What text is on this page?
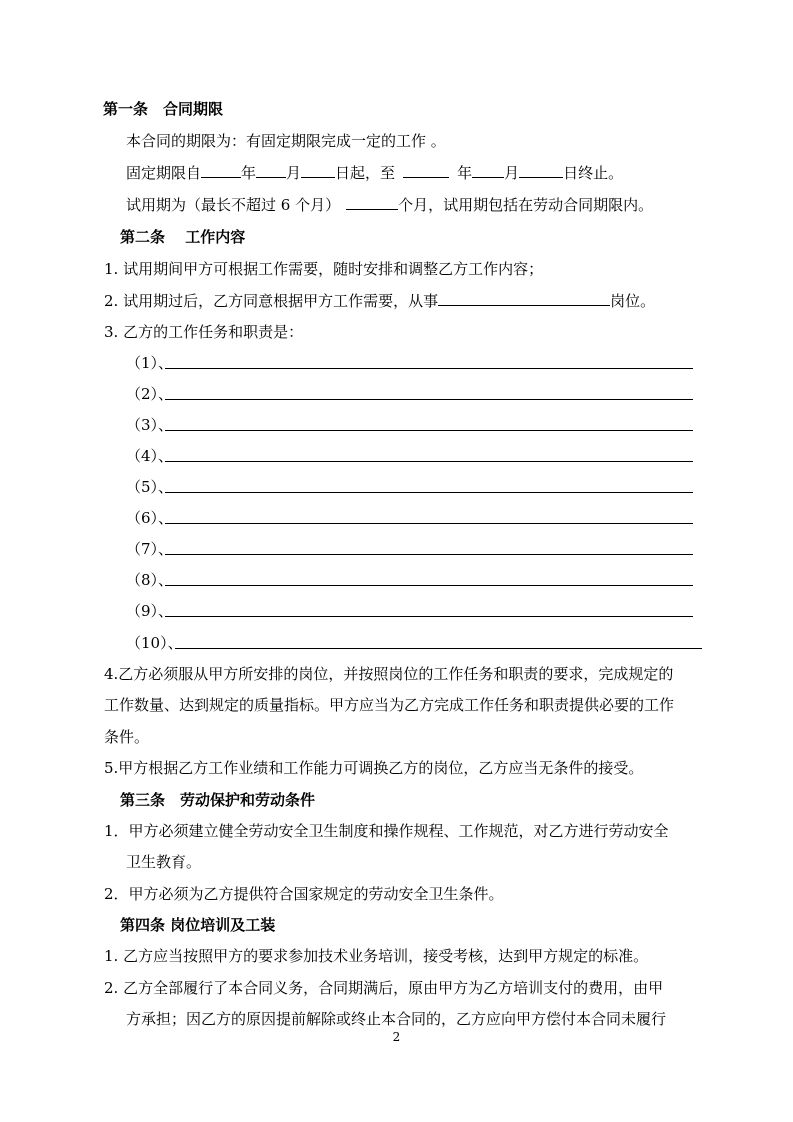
第一条　合同期限
本合同的期限为：有固定期限完成一定的工作 。
固定期限自	年 月 日起，至	年 月	日终止。
试用期为（最长不超过 6 个月）	个月，试用期包括在劳动合同期限内。
第二条　 工作内容
1. 试用期间甲方可根据工作需要，随时安排和调整乙方工作内容；
2. 试用期过后，乙方同意根据甲方工作需要，从事	岗位。
3. 乙方的工作任务和职责是：
（1）、
（2）、
（3）、
（4）、
（5）、
（6）、
（7）、
（8）、
（9）、
（10）、
4.乙方必须服从甲方所安排的岗位，并按照岗位的工作任务和职责的要求，完成规定的
工作数量、达到规定的质量指标。甲方应当为乙方完成工作任务和职责提供必要的工作
条件。
5.甲方根据乙方工作业绩和工作能力可调换乙方的岗位，乙方应当无条件的接受。
第三条　劳动保护和劳动条件
1．甲方必须建立健全劳动安全卫生制度和操作规程、工作规范，对乙方进行劳动安全
卫生教育。
2．甲方必须为乙方提供符合国家规定的劳动安全卫生条件。
第四条 岗位培训及工装
1. 乙方应当按照甲方的要求参加技术业务培训，接受考核，达到甲方规定的标准。
2. 乙方全部履行了本合同义务，合同期满后，原由甲方为乙方培训支付的费用，由甲
方承担；因乙方的原因提前解除或终止本合同的，乙方应向甲方偿付本合同未履行
2
